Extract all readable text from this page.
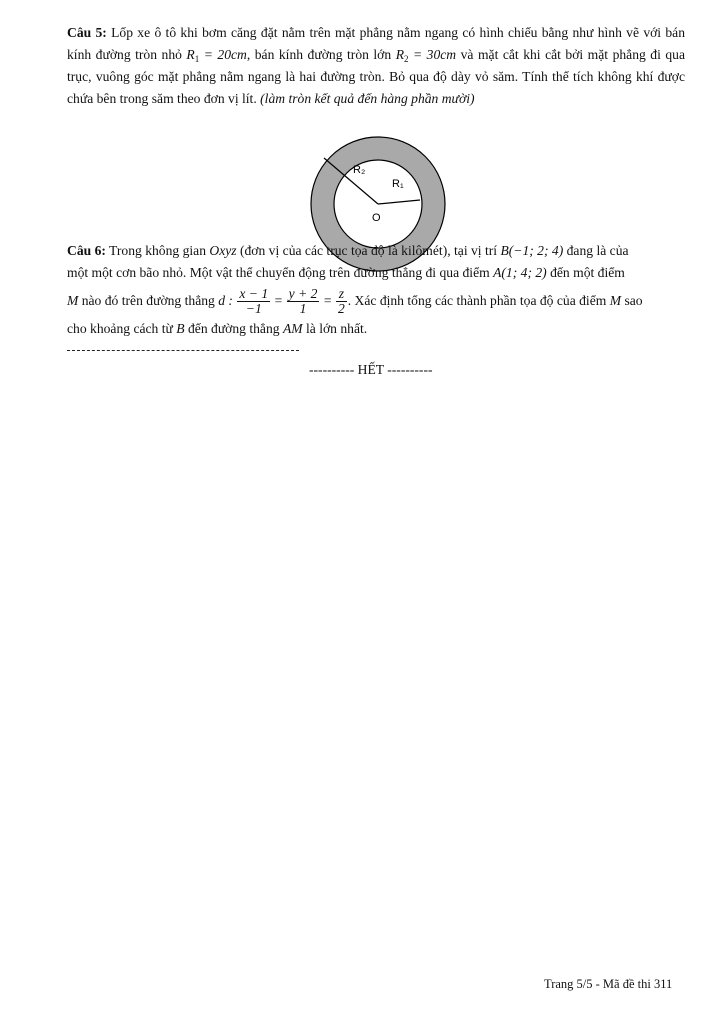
Câu 5: Lốp xe ô tô khi bơm căng đặt nằm trên mặt phẳng nằm ngang có hình chiếu bằng như hình vẽ với bán kính đường tròn nhỏ $R_1 = 20cm$, bán kính đường tròn lớn $R_2 = 30cm$ và mặt cắt khi cắt bởi mặt phẳng đi qua trục, vuông góc mặt phẳng nằm ngang là hai đường tròn. Bỏ qua độ dày vỏ săm. Tính thể tích không khí được chứa bên trong săm theo đơn vị lít. (làm tròn kết quả đến hàng phần mười)

R₂
R₁
O
Câu 6: Trong không gian Oxyz (đơn vị của các trục tọa độ là kilômét), tại vị trí B(−1; 2; 4) đang là của
một một cơn bão nhỏ. Một vật thể chuyển động trên đường thẳng đi qua điểm A(1; 4; 2) đến một điểm
M nào đó trên đường thẳng d : $\frac{x - 1}{-1} = \frac{y + 2}{1} = \frac{z}{2}$ . Xác định tổng các thành phần tọa độ của điểm M sao
cho khoảng cách từ B đến đường thẳng AM là lớn nhất.
---------- HẾT ----------
Trang 5/5 - Mã đề thi 311
